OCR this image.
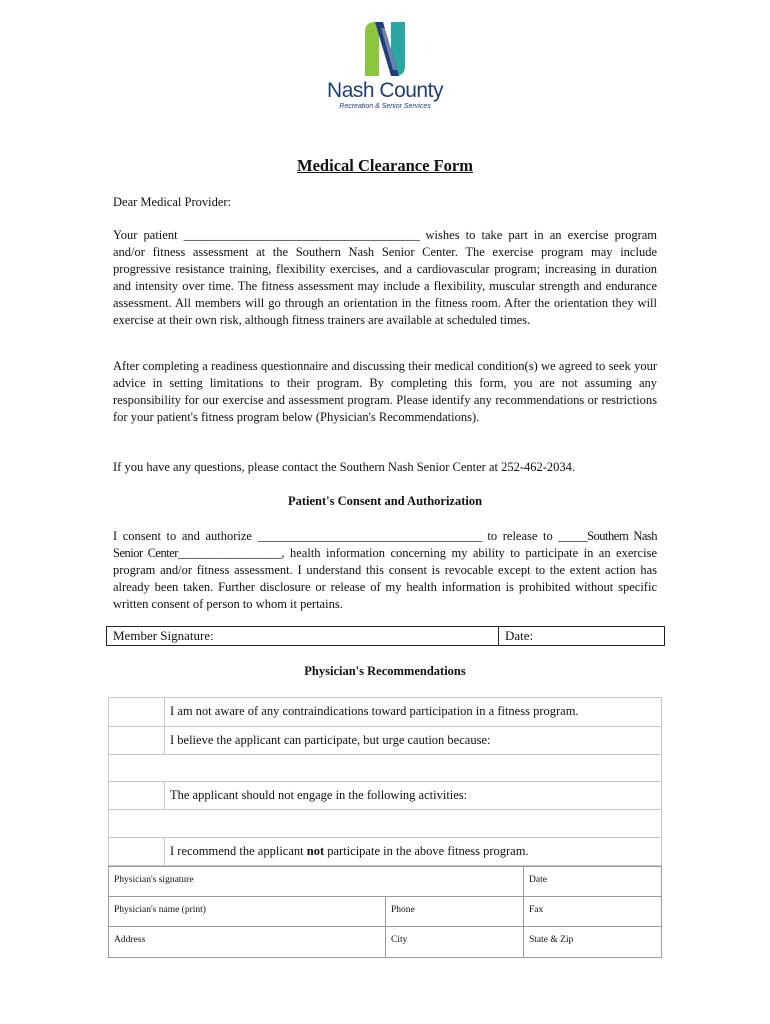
Nash County
Recreation & Senior Services
Medical Clearance Form

Dear Medical Provider:

Your patient _________________________________________ wishes to take part in an exercise program and/or fitness assessment at the Southern Nash Senior Center. The exercise program may include progressive resistance training, flexibility exercises, and a cardiovascular program; increasing in duration and intensity over time. The fitness assessment may include a flexibility, muscular strength and endurance assessment. All members will go through an orientation in the fitness room. After the orientation they will exercise at their own risk, although fitness trainers are available at scheduled times.

After completing a readiness questionnaire and discussing their medical condition(s) we agreed to seek your advice in setting limitations to their program. By completing this form, you are not assuming any responsibility for our exercise and assessment program. Please identify any recommendations or restrictions for your patient's fitness program below (Physician's Recommendations).

If you have any questions, please contact the Southern Nash Senior Center at 252-462-2034.

Patient's Consent and Authorization

I consent to and authorize _______________________________________ to release to _____Southern Nash Senior Center__________________, health information concerning my ability to participate in an exercise program and/or fitness assessment. I understand this consent is revocable except to the extent action has already been taken. Further disclosure or release of my health information is prohibited without specific written consent of person to whom it pertains.

Member Signature:	Date:
Physician's Recommendations
I am not aware of any contraindications toward participation in a fitness program.
I believe the applicant can participate, but urge caution because:
The applicant should not engage in the following activities:
I recommend the applicant not participate in the above fitness program.
Physician's signature	Date
Physician's name (print)	Phone	Fax
Address	City	State & Zip
